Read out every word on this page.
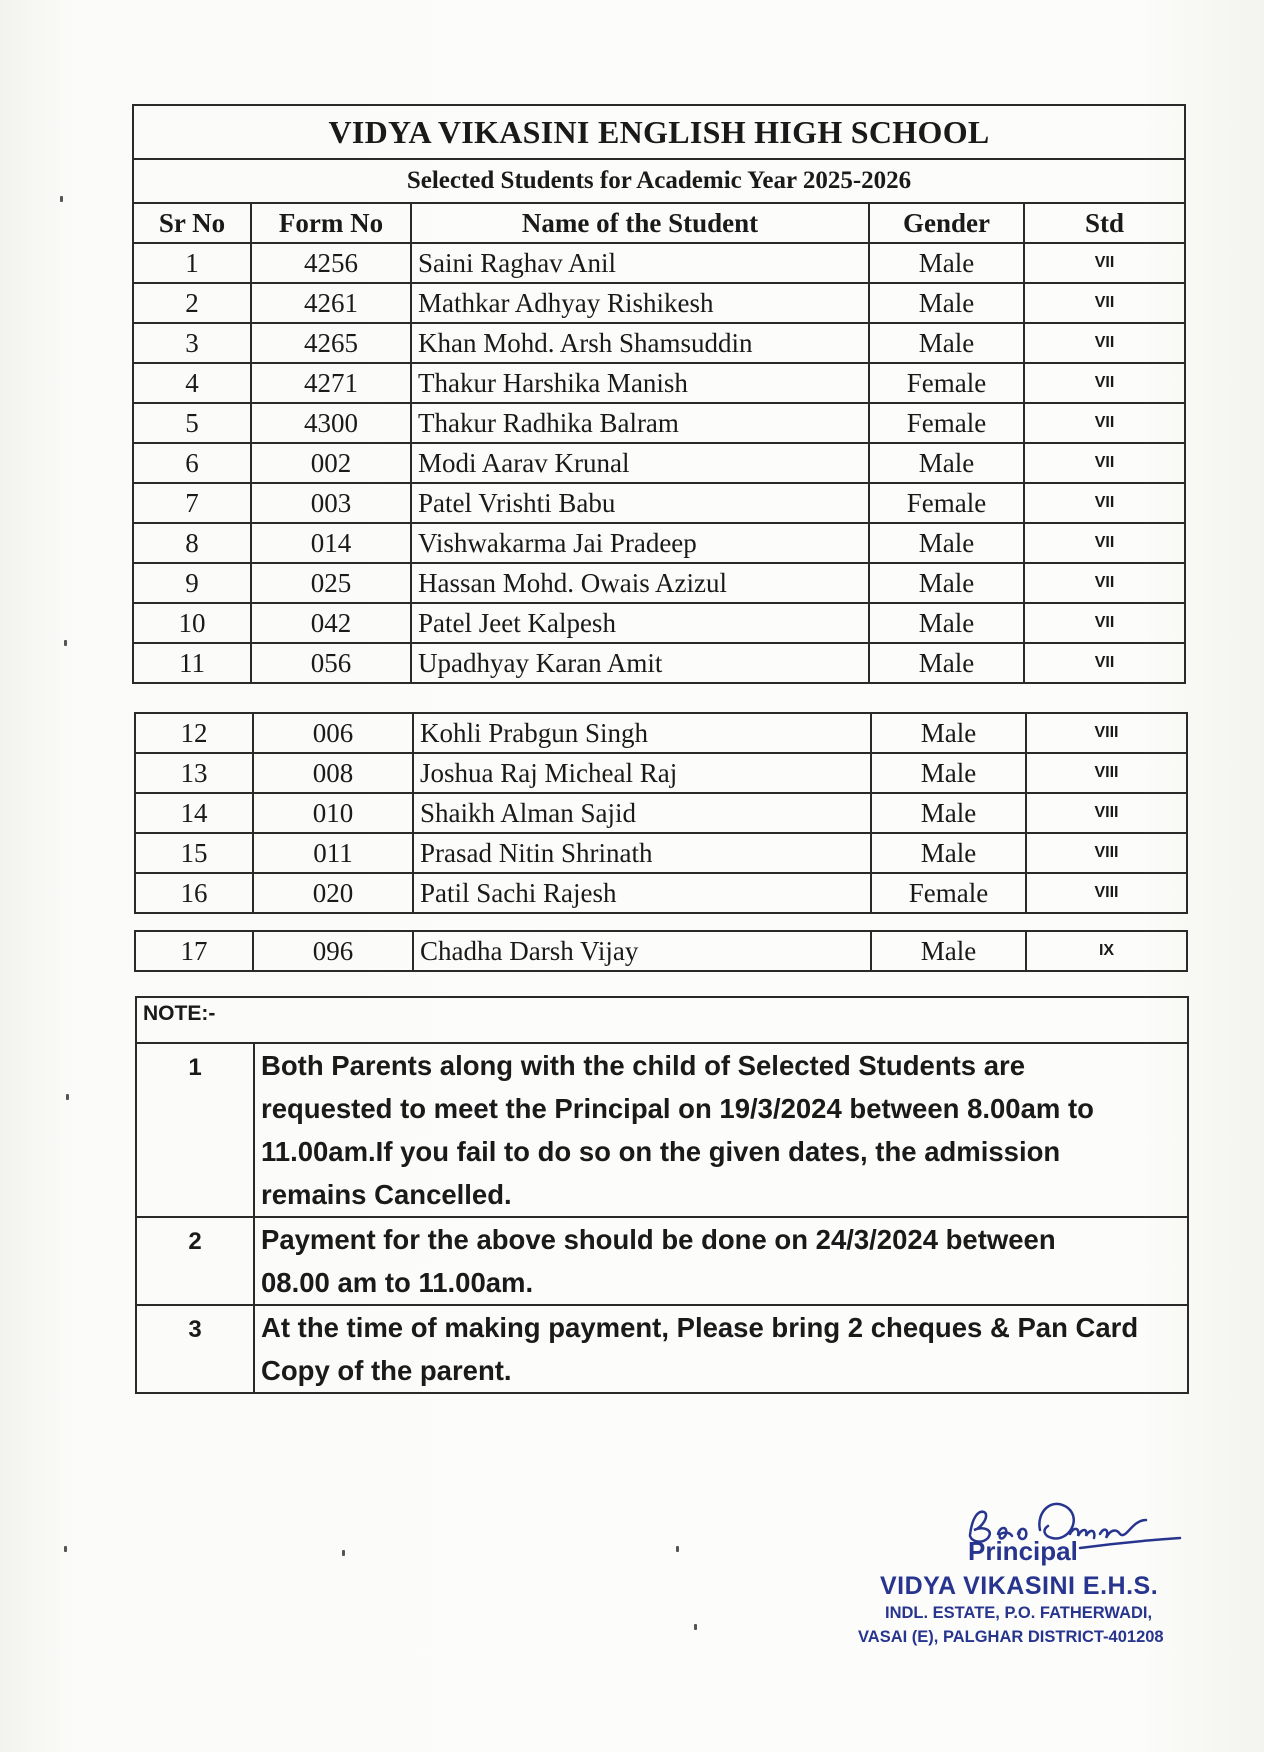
VIDYA VIKASINI ENGLISH HIGH SCHOOL				
Selected Students for Academic Year 2025-2026				
Sr No	Form No	Name of the Student	Gender	Std
1	4256	Saini Raghav Anil	Male	VII
2	4261	Mathkar Adhyay Rishikesh	Male	VII
3	4265	Khan Mohd. Arsh Shamsuddin	Male	VII
4	4271	Thakur Harshika Manish	Female	VII
5	4300	Thakur Radhika Balram	Female	VII
6	002	Modi Aarav Krunal	Male	VII
7	003	Patel Vrishti Babu	Female	VII
8	014	Vishwakarma Jai Pradeep	Male	VII
9	025	Hassan Mohd. Owais Azizul	Male	VII
10	042	Patel Jeet Kalpesh	Male	VII
11	056	Upadhyay Karan Amit	Male	VII
12	006	Kohli Prabgun Singh	Male	VIII
13	008	Joshua Raj Micheal Raj	Male	VIII
14	010	Shaikh Alman Sajid	Male	VIII
15	011	Prasad Nitin Shrinath	Male	VIII
16	020	Patil Sachi Rajesh	Female	VIII
17	096	Chadha Darsh Vijay	Male	IX
NOTE:-	
1	Both Parents along with the child of Selected Students are
requested to meet the Principal on 19/3/2024 between 8.00am to
11.00am.If you fail to do so on the given dates, the admission
remains Cancelled.

2	Payment for the above should be done on 24/3/2024 between
08.00 am to 11.00am.

3	At the time of making payment, Please bring 2 cheques & Pan Card
Copy of the parent.
Principal
VIDYA VIKASINI E.H.S.
INDL. ESTATE, P.O. FATHERWADI,
VASAI (E), PALGHAR DISTRICT-401208
